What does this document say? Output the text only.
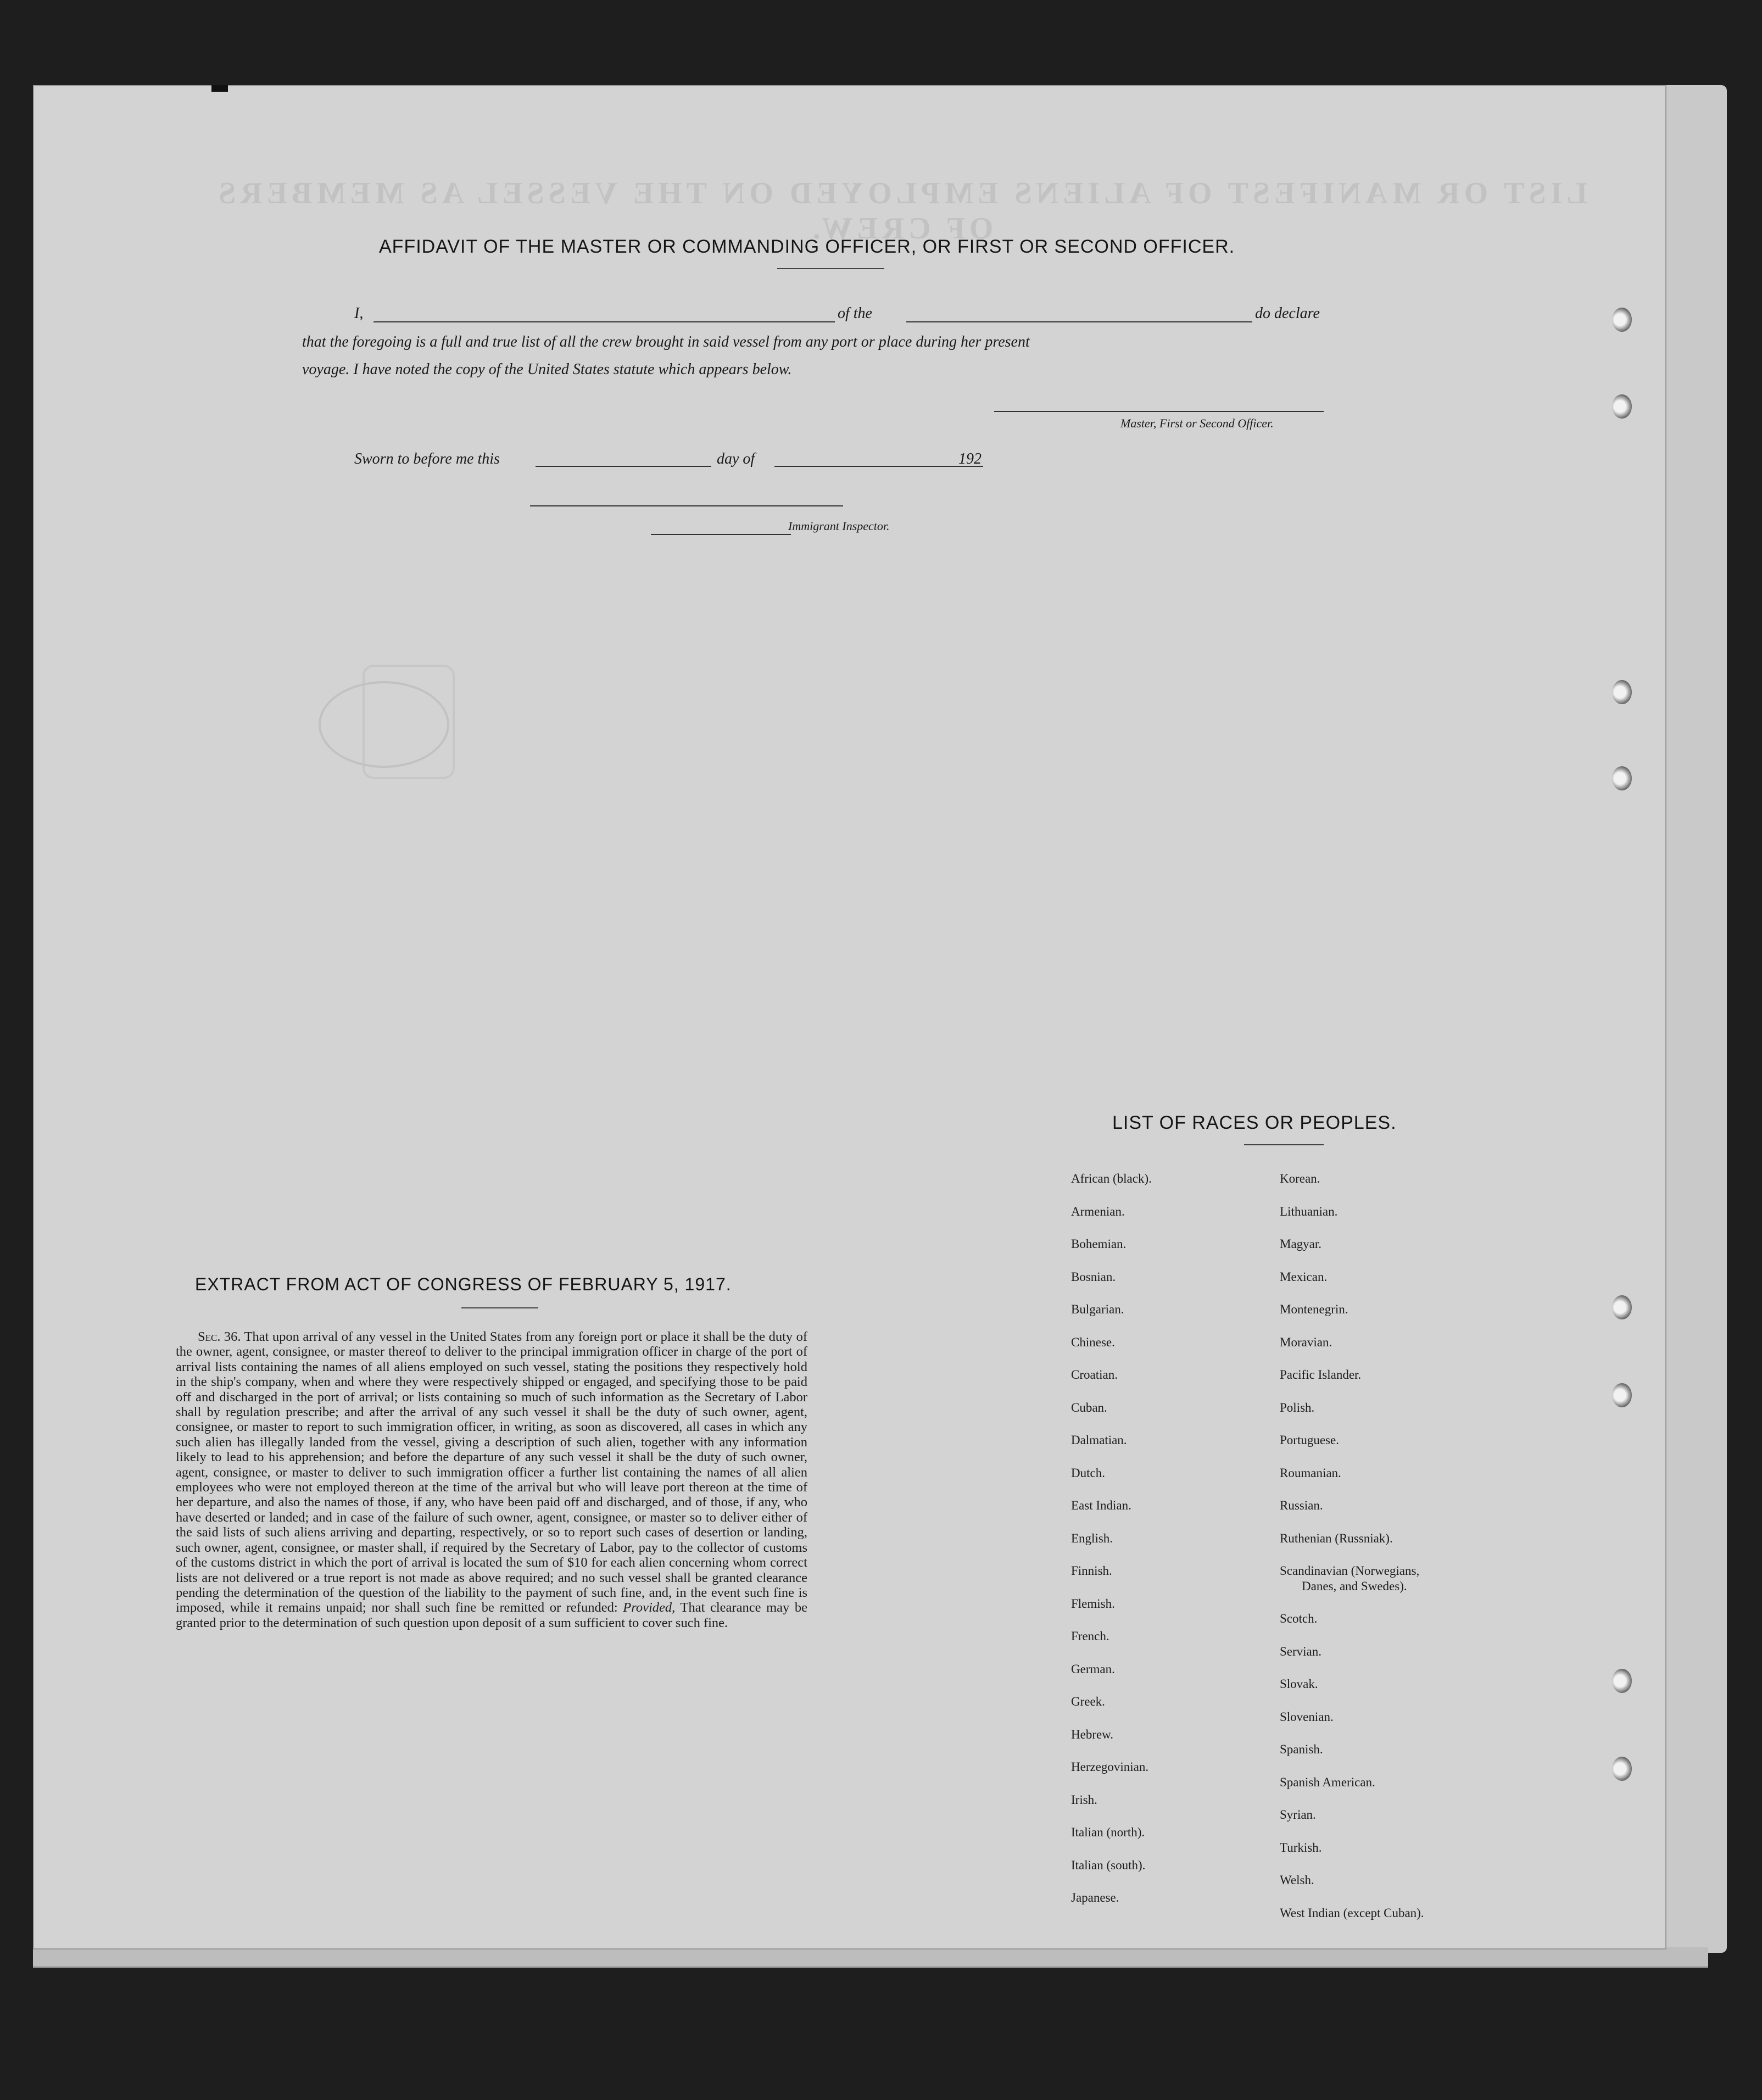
LIST OR MANIFEST OF ALIENS EMPLOYED ON THE VESSEL AS MEMBERS OF CREW.
AFFIDAVIT OF THE MASTER OR COMMANDING OFFICER, OR FIRST OR SECOND OFFICER.
I,	of the	do declare
that the foregoing is a full and true list of all the crew brought in said vessel from any port or place during her present
voyage. I have noted the copy of the United States statute which appears below.
Master, First or Second Officer.
Sworn to before me this	day of	192
Immigrant Inspector.
EXTRACT FROM ACT OF CONGRESS OF FEBRUARY 5, 1917.
Sec. 36. That upon arrival of any vessel in the United States from any foreign port or place it shall be the duty of the owner, agent, consignee, or master thereof to deliver to the principal immigration officer in charge of the port of arrival lists containing the names of all aliens employed on such vessel, stating the positions they respectively hold in the ship's company, when and where they were respectively shipped or engaged, and specifying those to be paid off and discharged in the port of arrival; or lists containing so much of such information as the Secretary of Labor shall by regulation prescribe; and after the arrival of any such vessel it shall be the duty of such owner, agent, consignee, or master to report to such immigration officer, in writing, as soon as discovered, all cases in which any such alien has illegally landed from the vessel, giving a description of such alien, together with any information likely to lead to his apprehension; and before the departure of any such vessel it shall be the duty of such owner, agent, consignee, or master to deliver to such immigration officer a further list containing the names of all alien employees who were not employed thereon at the time of the arrival but who will leave port thereon at the time of her departure, and also the names of those, if any, who have been paid off and discharged, and of those, if any, who have deserted or landed; and in case of the failure of such owner, agent, consignee, or master so to deliver either of the said lists of such aliens arriving and departing, respectively, or so to report such cases of desertion or landing, such owner, agent, consignee, or master shall, if required by the Secretary of Labor, pay to the collector of customs of the customs district in which the port of arrival is located the sum of $10 for each alien concerning whom correct lists are not delivered or a true report is not made as above required; and no such vessel shall be granted clearance pending the determination of the question of the liability to the payment of such fine, and, in the event such fine is imposed, while it remains unpaid; nor shall such fine be remitted or refunded: Provided, That clearance may be granted prior to the determination of such question upon deposit of a sum sufficient to cover such fine.
LIST OF RACES OR PEOPLES.
African (black).
Armenian.
Bohemian.
Bosnian.
Bulgarian.
Chinese.
Croatian.
Cuban.
Dalmatian.
Dutch.
East Indian.
English.
Finnish.
Flemish.
French.
German.
Greek.
Hebrew.
Herzegovinian.
Irish.
Italian (north).
Italian (south).
Japanese.
Korean.
Lithuanian.
Magyar.
Mexican.
Montenegrin.
Moravian.
Pacific Islander.
Polish.
Portuguese.
Roumanian.
Russian.
Ruthenian (Russniak).
Scandinavian (Norwegians,
Danes, and Swedes).
Scotch.
Servian.
Slovak.
Slovenian.
Spanish.
Spanish American.
Syrian.
Turkish.
Welsh.
West Indian (except Cuban).
